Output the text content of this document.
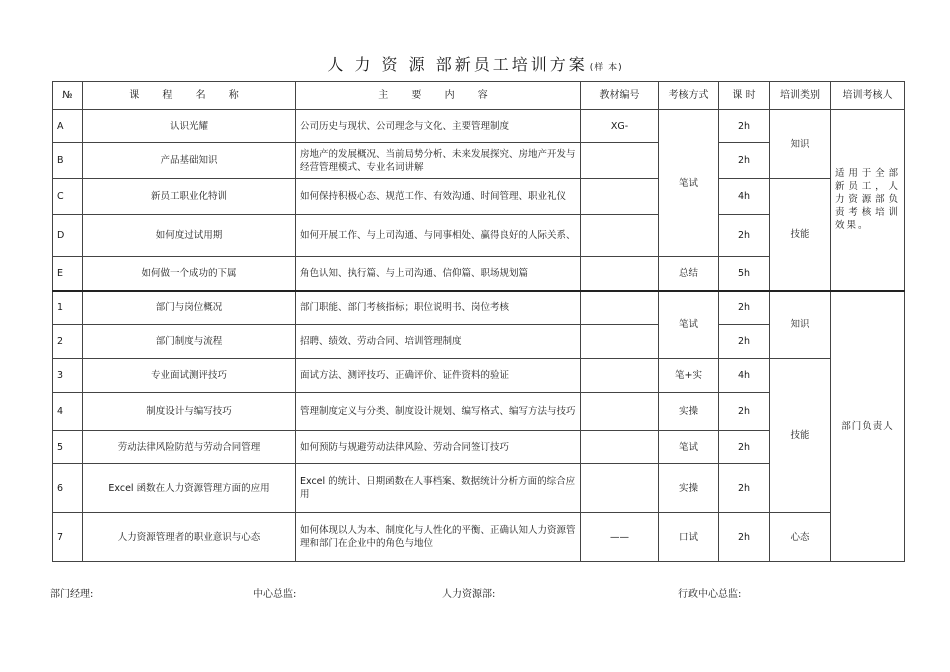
人 力 资 源 部新员工培训方案 (样 本)
№	课 程 名 称	主 要 内 容	教材编号	考核方式	课 时	培训类别	培训考核人
A	认识光耀	公司历史与现状、公司理念与文化、主要管理制度	XG-	笔试	2h	知识	适用于全部新员工，人力资源部负责考核培训效果。
B	产品基础知识	房地产的发展概况、当前局势分析、未来发展探究、房地产开发与经营管理模式、专业名词讲解			2h		
C	新员工职业化特训	如何保持积极心态、规范工作、有效沟通、时间管理、职业礼仪			4h	技能	
D	如何度过试用期	如何开展工作、与上司沟通、与同事相处、赢得良好的人际关系、			2h		
E	如何做一个成功的下属	角色认知、执行篇、与上司沟通、信仰篇、职场规划篇		总结	5h		
1	部门与岗位概况	部门职能、部门考核指标；职位说明书、岗位考核		笔试	2h	知识	部门负责人
2	部门制度与流程	招聘、绩效、劳动合同、培训管理制度			2h		
3	专业面试测评技巧	面试方法、测评技巧、正确评价、证件资料的验证		笔+实	4h	技能	
4	制度设计与编写技巧	管理制度定义与分类、制度设计规划、编写格式、编写方法与技巧		实操	2h		
5	劳动法律风险防范与劳动合同管理	如何预防与规避劳动法律风险、劳动合同签订技巧		笔试	2h		
6	Excel 函数在人力资源管理方面的应用	Excel 的统计、日期函数在人事档案、数据统计分析方面的综合应用		实操	2h		
7	人力资源管理者的职业意识与心态	如何体现以人为本、制度化与人性化的平衡、正确认知人力资源管理和部门在企业中的角色与地位	——	口试	2h	心态	
部门经理:	中心总监:	人力资源部:	行政中心总监:
